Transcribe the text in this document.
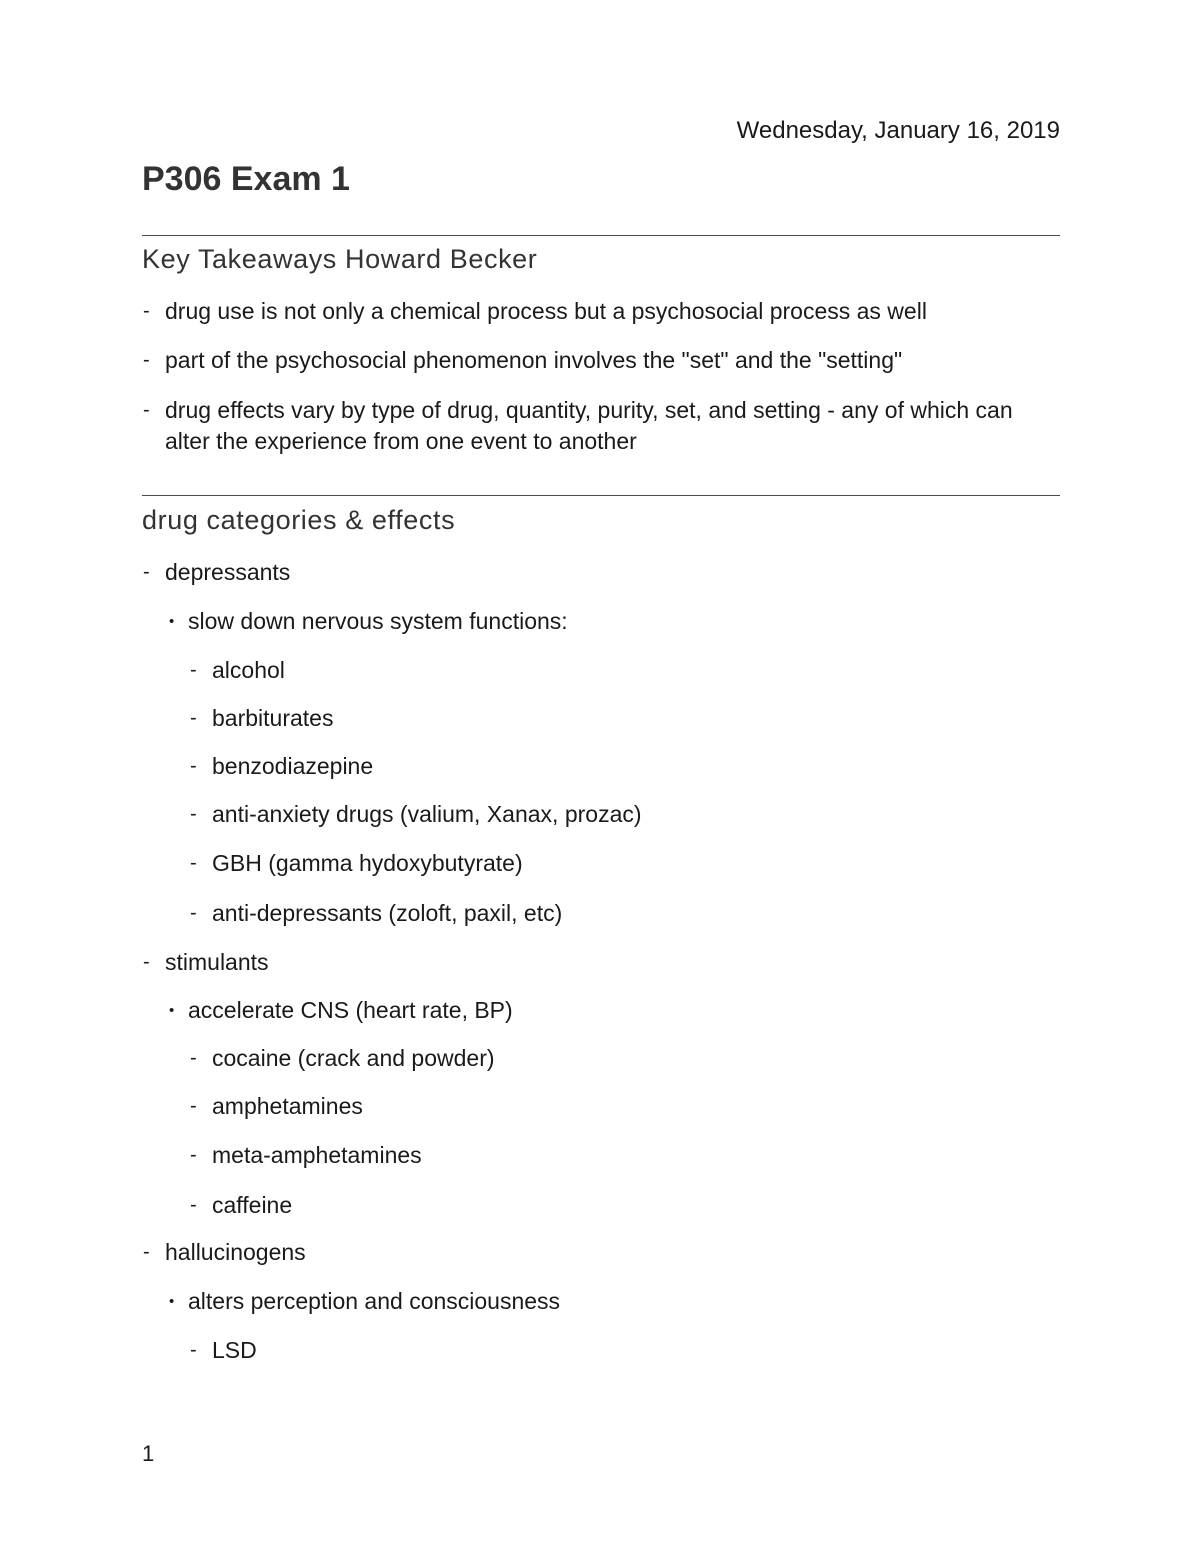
Wednesday, January 16, 2019
P306 Exam 1
Key Takeaways Howard Becker
- drug use is not only a chemical process but a psychosocial process as well
- part of the psychosocial phenomenon involves the "set" and the "setting"
- drug effects vary by type of drug, quantity, purity, set, and setting - any of which can alter the experience from one event to another
drug categories & effects
- depressants
• slow down nervous system functions:
- alcohol
- barbiturates
- benzodiazepine
- anti-anxiety drugs (valium, Xanax, prozac)
- GBH (gamma hydoxybutyrate)
- anti-depressants (zoloft, paxil, etc)
- stimulants
• accelerate CNS (heart rate, BP)
- cocaine (crack and powder)
- amphetamines
- meta-amphetamines
- caffeine
- hallucinogens
• alters perception and consciousness
- LSD
1
